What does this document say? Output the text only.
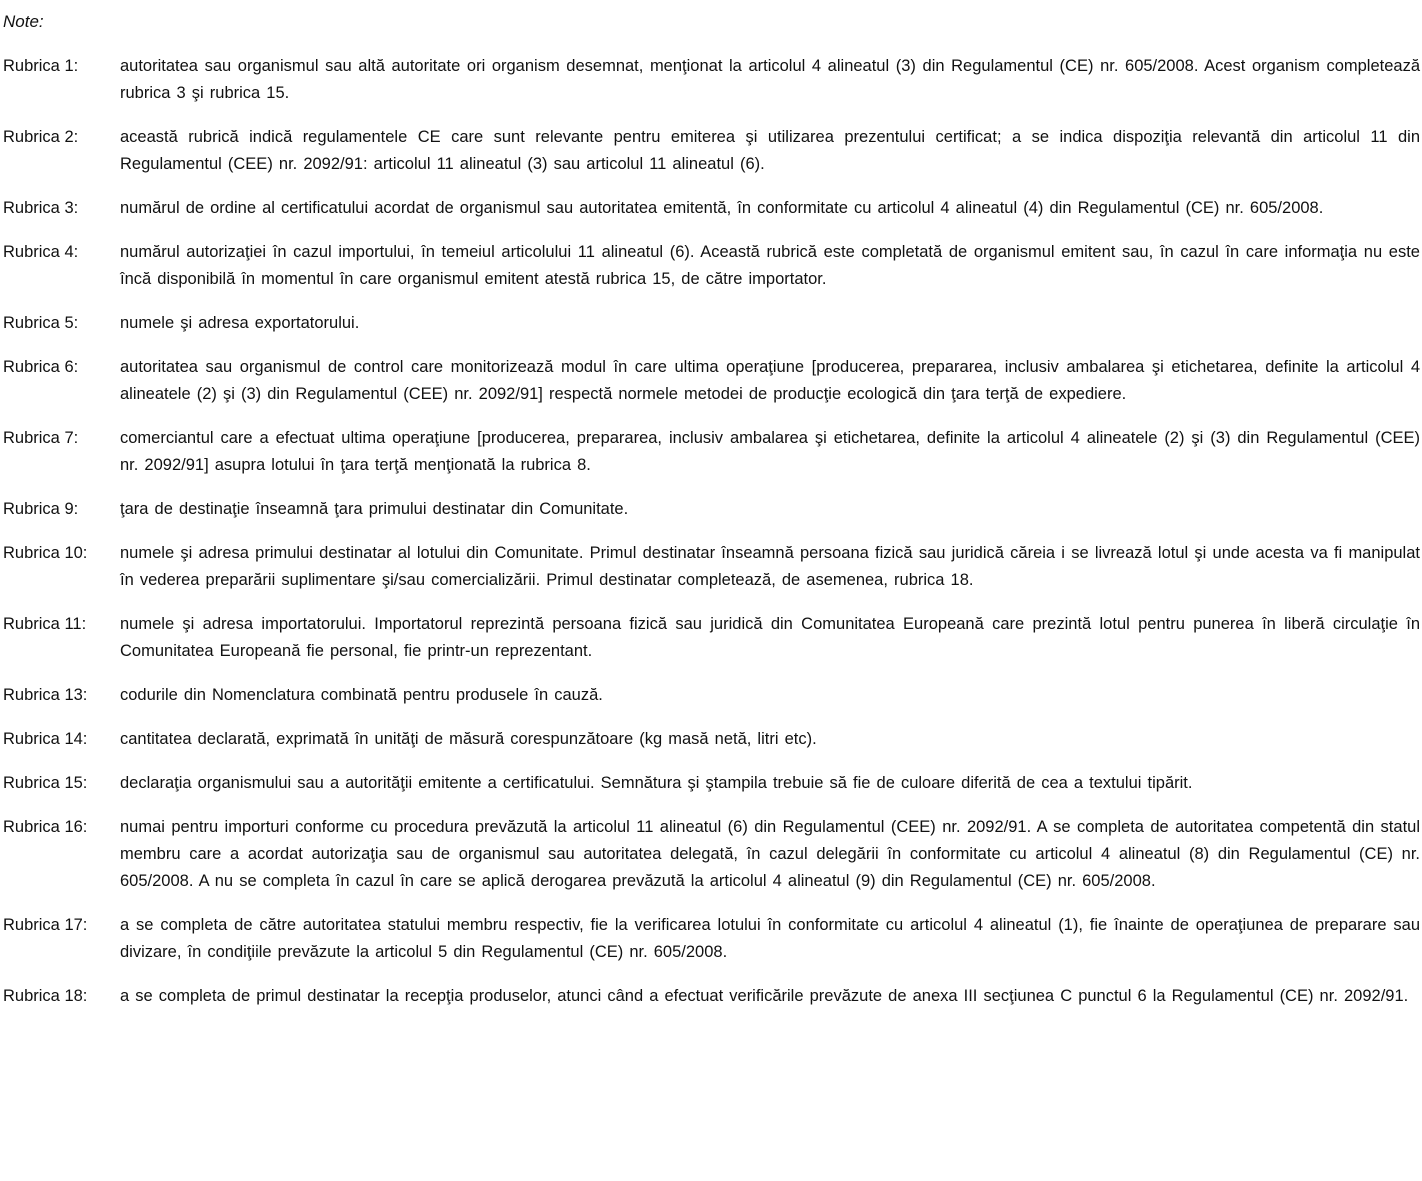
Note:
Rubrica 1:	autoritatea sau organismul sau altă autoritate ori organism desemnat, menţionat la articolul 4 alineatul (3) din Regulamentul (CE) nr. 605/2008. Acest organism completează rubrica 3 şi rubrica 15.
Rubrica 2:	această rubrică indică regulamentele CE care sunt relevante pentru emiterea şi utilizarea prezentului certificat; a se indica dispoziţia relevantă din articolul 11 din Regulamentul (CEE) nr. 2092/91: articolul 11 alineatul (3) sau articolul 11 alineatul (6).
Rubrica 3:	numărul de ordine al certificatului acordat de organismul sau autoritatea emitentă, în conformitate cu articolul 4 alineatul (4) din Regulamentul (CE) nr. 605/2008.
Rubrica 4:	numărul autorizaţiei în cazul importului, în temeiul articolului 11 alineatul (6). Această rubrică este completată de organismul emitent sau, în cazul în care informaţia nu este încă disponibilă în momentul în care organismul emitent atestă rubrica 15, de către importator.
Rubrica 5:	numele şi adresa exportatorului.
Rubrica 6:	autoritatea sau organismul de control care monitorizează modul în care ultima operaţiune [producerea, prepararea, inclusiv ambalarea şi etichetarea, definite la articolul 4 alineatele (2) şi (3) din Regulamentul (CEE) nr. 2092/91] respectă normele metodei de producţie ecologică din ţara terţă de expediere.
Rubrica 7:	comerciantul care a efectuat ultima operaţiune [producerea, prepararea, inclusiv ambalarea şi etichetarea, definite la articolul 4 alineatele (2) şi (3) din Regulamentul (CEE) nr. 2092/91] asupra lotului în ţara terţă menţionată la rubrica 8.
Rubrica 9:	ţara de destinaţie înseamnă ţara primului destinatar din Comunitate.
Rubrica 10:	numele şi adresa primului destinatar al lotului din Comunitate. Primul destinatar înseamnă persoana fizică sau juridică căreia i se livrează lotul şi unde acesta va fi manipulat în vederea preparării suplimentare şi/sau comercializării. Primul destinatar completează, de asemenea, rubrica 18.
Rubrica 11:	numele şi adresa importatorului. Importatorul reprezintă persoana fizică sau juridică din Comunitatea Europeană care prezintă lotul pentru punerea în liberă circulaţie în Comunitatea Europeană fie personal, fie printr-un reprezentant.
Rubrica 13:	codurile din Nomenclatura combinată pentru produsele în cauză.
Rubrica 14:	cantitatea declarată, exprimată în unităţi de măsură corespunzătoare (kg masă netă, litri etc).
Rubrica 15:	declaraţia organismului sau a autorităţii emitente a certificatului. Semnătura şi ştampila trebuie să fie de culoare diferită de cea a textului tipărit.
Rubrica 16:	numai pentru importuri conforme cu procedura prevăzută la articolul 11 alineatul (6) din Regulamentul (CEE) nr. 2092/91. A se completa de autoritatea competentă din statul membru care a acordat autorizaţia sau de organismul sau autoritatea delegată, în cazul delegării în conformitate cu articolul 4 alineatul (8) din Regulamentul (CE) nr. 605/2008. A nu se completa în cazul în care se aplică derogarea prevăzută la articolul 4 alineatul (9) din Regulamentul (CE) nr. 605/2008.
Rubrica 17:	a se completa de către autoritatea statului membru respectiv, fie la verificarea lotului în conformitate cu articolul 4 alineatul (1), fie înainte de operaţiunea de preparare sau divizare, în condiţiile prevăzute la articolul 5 din Regulamentul (CE) nr. 605/2008.
Rubrica 18:	a se completa de primul destinatar la recepţia produselor, atunci când a efectuat verificările prevăzute de anexa III secţiunea C punctul 6 la Regulamentul (CE) nr. 2092/91.
